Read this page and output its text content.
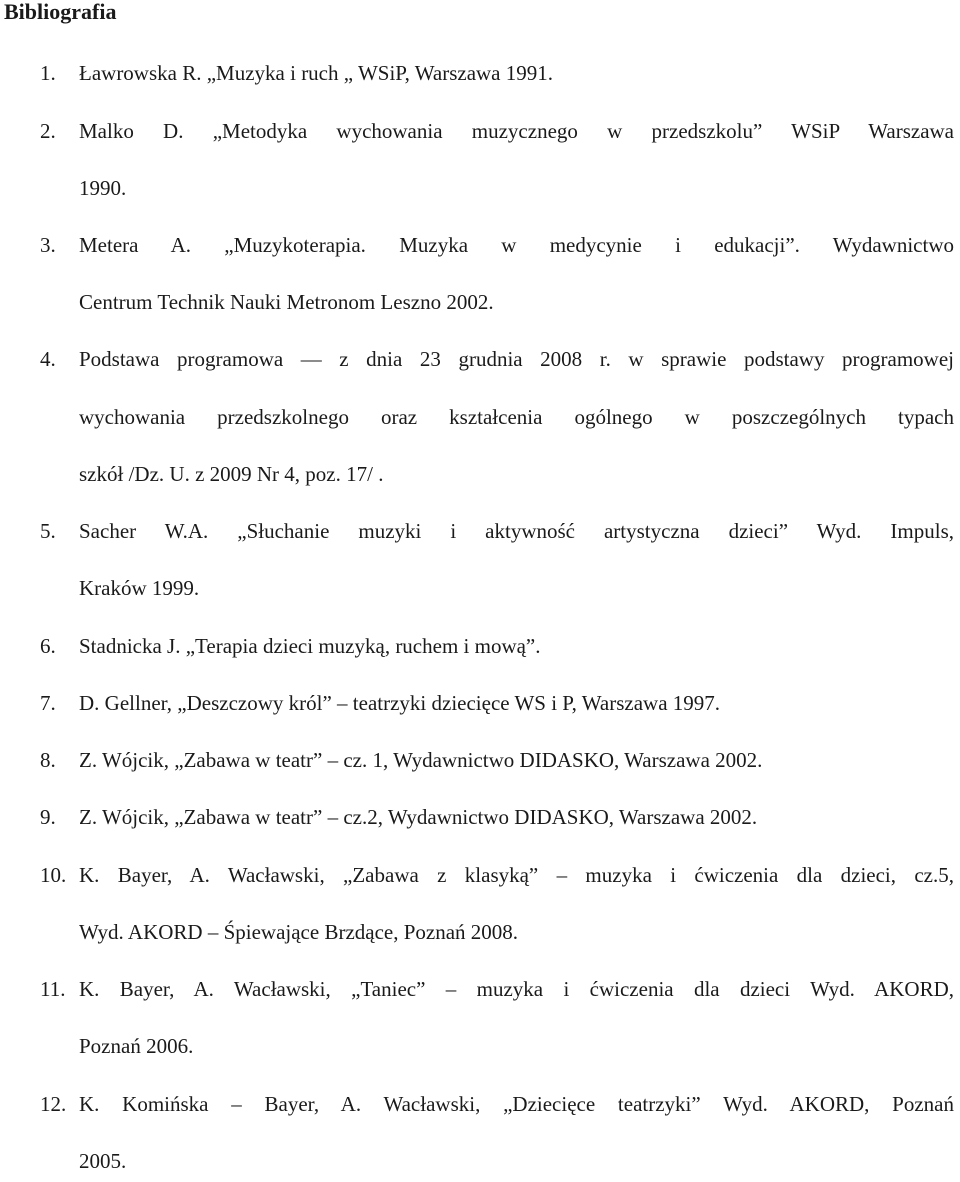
Bibliografia
1. Ławrowska R. „Muzyka i ruch „ WSiP, Warszawa 1991.
2. Malko D. „Metodyka wychowania muzycznego w przedszkolu” WSiP Warszawa
1990.
3. Metera A. „Muzykoterapia. Muzyka w medycynie i edukacji”. Wydawnictwo
Centrum Technik Nauki Metronom Leszno 2002.
4. Podstawa programowa — z dnia 23 grudnia 2008 r. w sprawie podstawy programowej
wychowania przedszkolnego oraz kształcenia ogólnego w poszczególnych typach
szkół /Dz. U. z 2009 Nr 4, poz. 17/ .
5. Sacher W.A. „Słuchanie muzyki i aktywność artystyczna dzieci” Wyd. Impuls,
Kraków 1999.
6. Stadnicka J. „Terapia dzieci muzyką, ruchem i mową”.
7. D. Gellner, „Deszczowy król” – teatrzyki dziecięce WS i P, Warszawa 1997.
8. Z. Wójcik, „Zabawa w teatr” – cz. 1, Wydawnictwo DIDASKO, Warszawa 2002.
9. Z. Wójcik, „Zabawa w teatr” – cz.2, Wydawnictwo DIDASKO, Warszawa 2002.
10. K. Bayer, A. Wacławski, „Zabawa z klasyką” – muzyka i ćwiczenia dla dzieci, cz.5,
Wyd. AKORD – Śpiewające Brzdące, Poznań 2008.
11. K. Bayer, A. Wacławski, „Taniec” – muzyka i ćwiczenia dla dzieci Wyd. AKORD,
Poznań 2006.
12. K. Komińska – Bayer, A. Wacławski, „Dziecięce teatrzyki” Wyd. AKORD, Poznań
2005.
